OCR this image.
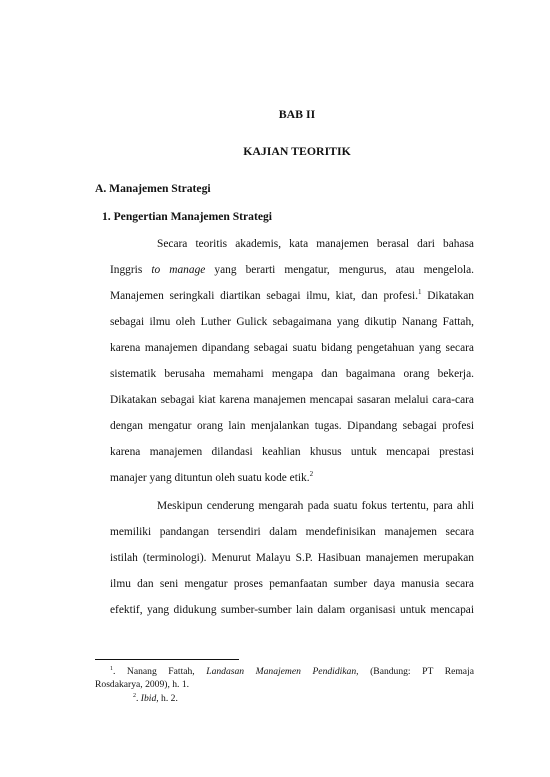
BAB II
KAJIAN TEORITIK
A. Manajemen Strategi
1. Pengertian Manajemen Strategi
Secara teoritis akademis, kata manajemen berasal dari bahasa
Inggris to manage yang berarti mengatur, mengurus, atau mengelola.
Manajemen seringkali diartikan sebagai ilmu, kiat, dan profesi.$^1$ Dikatakan
sebagai ilmu oleh Luther Gulick sebagaimana yang dikutip Nanang Fattah,
karena manajemen dipandang sebagai suatu bidang pengetahuan yang secara
sistematik berusaha memahami mengapa dan bagaimana orang bekerja.
Dikatakan sebagai kiat karena manajemen mencapai sasaran melalui cara-cara
dengan mengatur orang lain menjalankan tugas. Dipandang sebagai profesi
karena manajemen dilandasi keahlian khusus untuk mencapai prestasi
manajer yang dituntun oleh suatu kode etik.$^2$
Meskipun cenderung mengarah pada suatu fokus tertentu, para ahli
memiliki pandangan tersendiri dalam mendefinisikan manajemen secara
istilah (terminologi). Menurut Malayu S.P. Hasibuan manajemen merupakan
ilmu dan seni mengatur proses pemanfaatan sumber daya manusia secara
efektif, yang didukung sumber-sumber lain dalam organisasi untuk mencapai
$^1$. Nanang Fattah, Landasan Manajemen Pendidikan, (Bandung: PT Remaja
Rosdakarya, 2009), h. 1.
$^2$. Ibid, h. 2.
